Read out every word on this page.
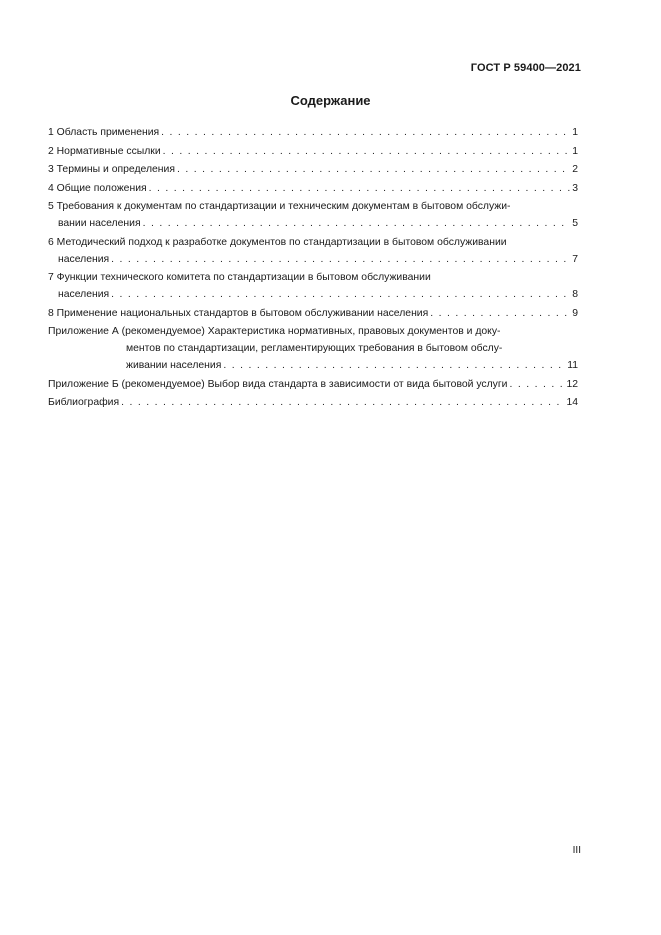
ГОСТ Р 59400—2021
Содержание
1 Область применения . . .	1
2 Нормативные ссылки . . .	1
3 Термины и определения . . .	2
4 Общие положения . . .	3
5 Требования к документам по стандартизации и техническим документам в бытовом обслужи-
вании населения . . .	5
6 Методический подход к разработке документов по стандартизации в бытовом обслуживании
населения . . .	7
7 Функции технического комитета по стандартизации в бытовом обслуживании
населения . . .	8
8 Применение национальных стандартов в бытовом обслуживании населения . . .	9
Приложение А (рекомендуемое) Характеристика нормативных, правовых документов и доку-
ментов по стандартизации, регламентирующих требования в бытовом обслу-
живании населения . . .	11
Приложение Б (рекомендуемое) Выбор вида стандарта в зависимости от вида бытовой услуги . . .	12
Библиография . . .	14
III
